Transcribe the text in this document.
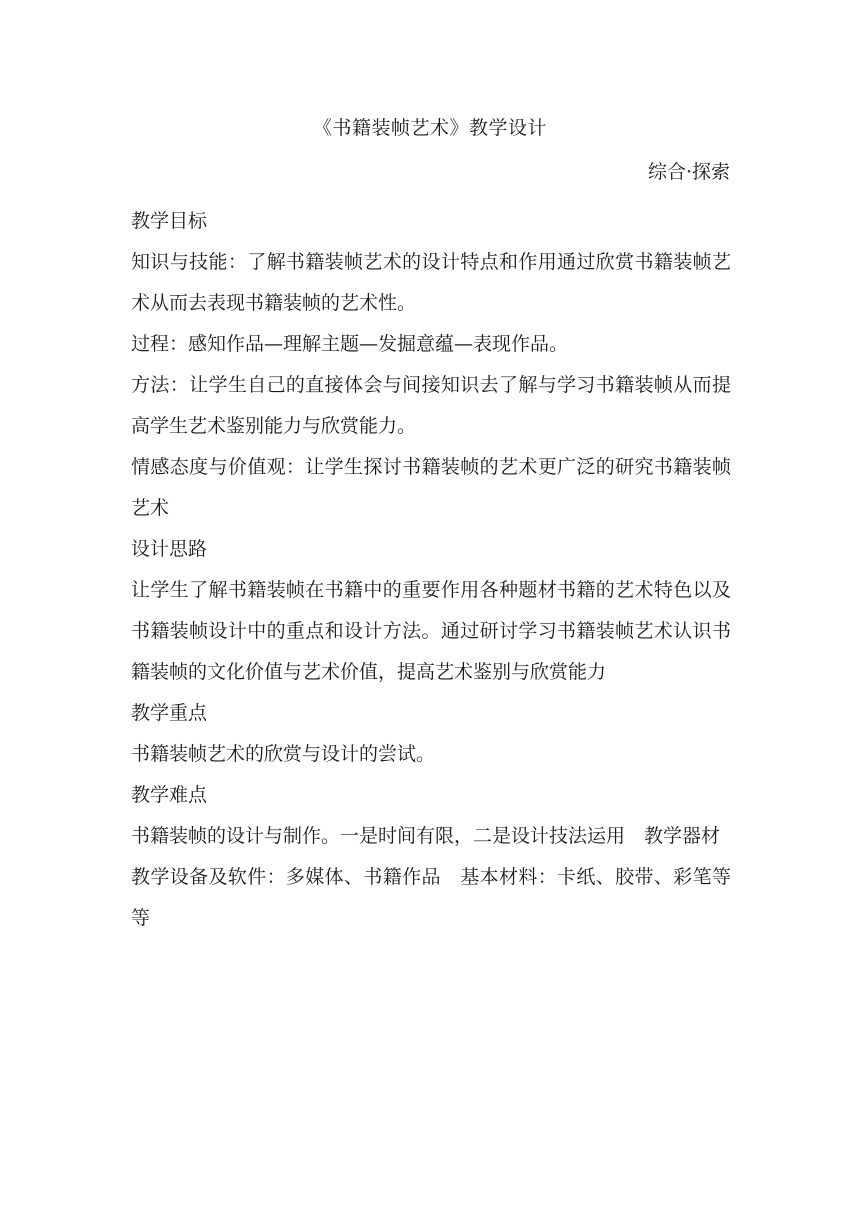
《书籍装帧艺术》教学设计
综合·探索

教学目标

知识与技能：了解书籍装帧艺术的设计特点和作用通过欣赏书籍装帧艺术从而去表现书籍装帧的艺术性。

过程：感知作品—理解主题—发掘意蕴—表现作品。

方法：让学生自己的直接体会与间接知识去了解与学习书籍装帧从而提高学生艺术鉴别能力与欣赏能力。

情感态度与价值观：让学生探讨书籍装帧的艺术更广泛的研究书籍装帧艺术

设计思路

让学生了解书籍装帧在书籍中的重要作用各种题材书籍的艺术特色以及书籍装帧设计中的重点和设计方法。通过研讨学习书籍装帧艺术认识书籍装帧的文化价值与艺术价值，提高艺术鉴别与欣赏能力

教学重点

书籍装帧艺术的欣赏与设计的尝试。

教学难点

书籍装帧的设计与制作。一是时间有限，二是设计技法运用　教学器材

教学设备及软件：多媒体、书籍作品　基本材料：卡纸、胶带、彩笔等等
